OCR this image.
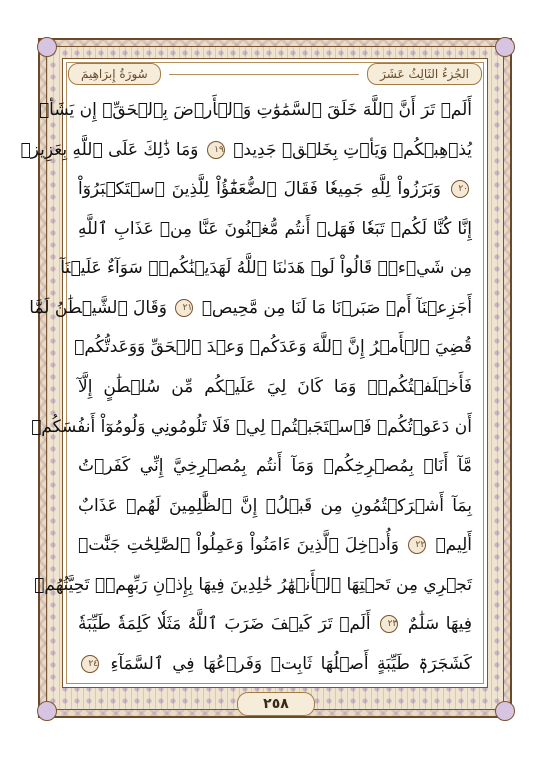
الجُزءُ الثَالِثُ عَشَرَ
سُورَةُ إِبرَاهِيمَ
أَلَمۡ تَرَ أَنَّ ٱللَّهَ خَلَقَ ٱلسَّمَٰوَٰتِ وَٱلۡأَرۡضَ بِٱلۡحَقِّۚ إِن يَشَأۡ
يُذۡهِبۡكُمۡ وَيَأۡتِ بِخَلۡقٖ جَدِيدٖ ١٩ وَمَا ذَٰلِكَ عَلَى ٱللَّهِ بِعَزِيزٖ
٢٠ وَبَرَزُواْ لِلَّهِ جَمِيعٗا فَقَالَ ٱلضُّعَفَٰٓؤُاْ لِلَّذِينَ ٱسۡتَكۡبَرُوٓاْ
إِنَّا كُنَّا لَكُمۡ تَبَعٗا فَهَلۡ أَنتُم مُّغۡنُونَ عَنَّا مِنۡ عَذَابِ ٱللَّهِ
مِن شَيۡءٖۚ قَالُواْ لَوۡ هَدَىٰنَا ٱللَّهُ لَهَدَيۡنَٰكُمۡۖ سَوَآءٌ عَلَيۡنَآ
أَجَزِعۡنَآ أَمۡ صَبَرۡنَا مَا لَنَا مِن مَّحِيصٖ ٢١ وَقَالَ ٱلشَّيۡطَٰنُ لَمَّا
قُضِيَ ٱلۡأَمۡرُ إِنَّ ٱللَّهَ وَعَدَكُمۡ وَعۡدَ ٱلۡحَقِّ وَوَعَدتُّكُمۡ
فَأَخۡلَفۡتُكُمۡۖ وَمَا كَانَ لِيَ عَلَيۡكُم مِّن سُلۡطَٰنٍ إِلَّآ
أَن دَعَوۡتُكُمۡ فَٱسۡتَجَبۡتُمۡ لِيۖ فَلَا تَلُومُونِي وَلُومُوٓاْ أَنفُسَكُمۖ
مَّآ أَنَا۠ بِمُصۡرِخِكُمۡ وَمَآ أَنتُم بِمُصۡرِخِيَّ إِنِّي كَفَرۡتُ
بِمَآ أَشۡرَكۡتُمُونِ مِن قَبۡلُۗ إِنَّ ٱلظَّٰلِمِينَ لَهُمۡ عَذَابٌ
أَلِيمٞ ٢٢ وَأُدۡخِلَ ٱلَّذِينَ ءَامَنُواْ وَعَمِلُواْ ٱلصَّٰلِحَٰتِ جَنَّٰتٖ
تَجۡرِي مِن تَحۡتِهَا ٱلۡأَنۡهَٰرُ خَٰلِدِينَ فِيهَا بِإِذۡنِ رَبِّهِمۡۖ تَحِيَّتُهُمۡ
فِيهَا سَلَٰمٌ ٢٣ أَلَمۡ تَرَ كَيۡفَ ضَرَبَ ٱللَّهُ مَثَلٗا كَلِمَةٗ طَيِّبَةٗ
كَشَجَرَةٖ طَيِّبَةٍ أَصۡلُهَا ثَابِتٞ وَفَرۡعُهَا فِي ٱلسَّمَآءِ ٢٤
٢٥٨
